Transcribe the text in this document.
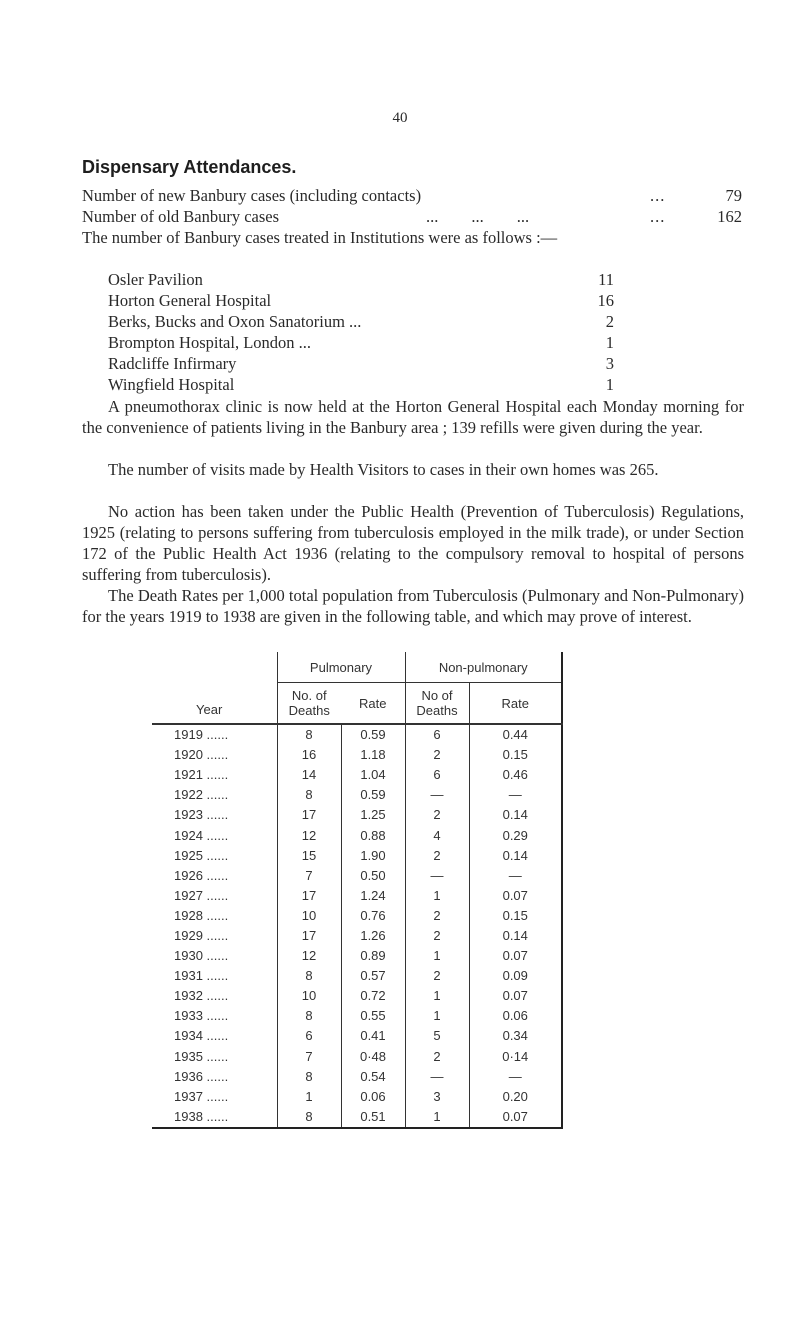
40
Dispensary Attendances.
Number of new Banbury cases (including contacts)	...	79
Number of old Banbury cases	...        ...        ...	...	162
The number of Banbury cases treated in Institutions were as follows :—
Osler Pavilion	11
Horton General Hospital	16
Berks, Bucks and Oxon Sanatorium ...	2
Brompton Hospital, London ...	1
Radcliffe Infirmary	3
Wingfield Hospital	1
A pneumothorax clinic is now held at the Horton General Hospital each Monday morning for the convenience of patients living in the Banbury area ; 139 refills were given during the year.
The number of visits made by Health Visitors to cases in their own homes was 265.
No action has been taken under the Public Health (Prevention of Tuberculosis) Regulations, 1925 (relating to persons suffering from tuberculosis employed in the milk trade), or under Section 172 of the Public Health Act 1936 (relating to the compulsory removal to hospital of persons suffering from tuberculosis).
The Death Rates per 1,000 total population from Tuberculosis (Pulmonary and Non-Pulmonary) for the years 1919 to 1938 are given in the following table, and which may prove of interest.
Year	Pulmonary		Non-pulmonary	
	No. of Deaths	Rate	No of Deaths	Rate
1919 ......	8	0.59	6	0.44
1920 ......	16	1.18	2	0.15
1921 ......	14	1.04	6	0.46
1922 ......	8	0.59	—	—
1923 ......	17	1.25	2	0.14
1924 ......	12	0.88	4	0.29
1925 ......	15	1.90	2	0.14
1926 ......	7	0.50	—	—
1927 ......	17	1.24	1	0.07
1928 ......	10	0.76	2	0.15
1929 ......	17	1.26	2	0.14
1930 ......	12	0.89	1	0.07
1931 ......	8	0.57	2	0.09
1932 ......	10	0.72	1	0.07
1933 ......	8	0.55	1	0.06
1934 ......	6	0.41	5	0.34
1935 ......	7	0·48	2	0·14
1936 ......	8	0.54	—	—
1937 ......	1	0.06	3	0.20
1938 ......	8	0.51	1	0.07
